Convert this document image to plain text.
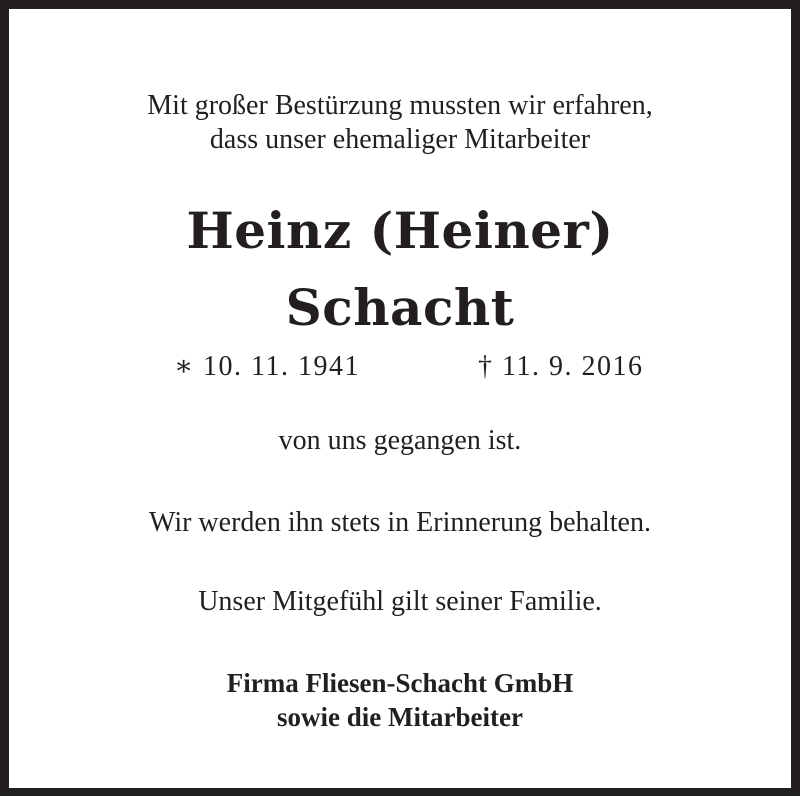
Mit großer Bestürzung mussten wir erfahren,
dass unser ehemaliger Mitarbeiter
Heinz (Heiner)
Schacht
∗ 10. 11. 1941	† 11. 9. 2016
von uns gegangen ist.
Wir werden ihn stets in Erinnerung behalten.
Unser Mitgefühl gilt seiner Familie.
Firma Fliesen-Schacht GmbH
sowie die Mitarbeiter
